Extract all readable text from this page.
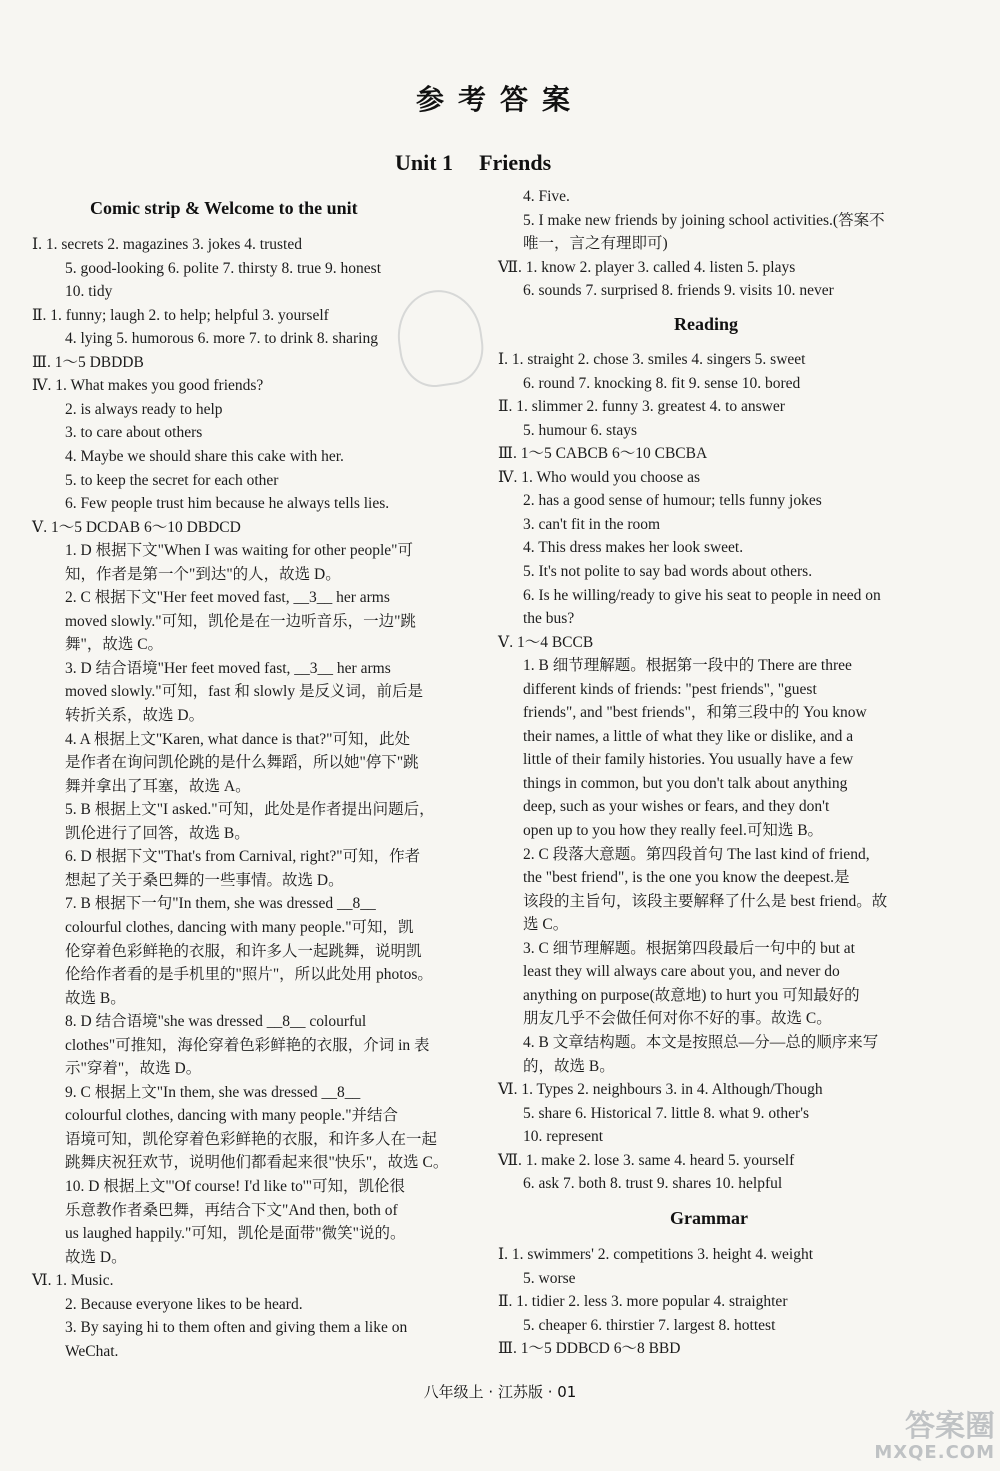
参考答案
Unit 1 Friends
Comic strip & Welcome to the unit
Ⅰ. 1. secrets 2. magazines 3. jokes 4. trusted
5. good-looking 6. polite 7. thirsty 8. true 9. honest
10. tidy
Ⅱ. 1. funny; laugh 2. to help; helpful 3. yourself
4. lying 5. humorous 6. more 7. to drink 8. sharing
Ⅲ. 1～5 DBDDB
Ⅳ. 1. What makes you good friends?
2. is always ready to help
3. to care about others
4. Maybe we should share this cake with her.
5. to keep the secret for each other
6. Few people trust him because he always tells lies.
Ⅴ. 1～5 DCDAB 6～10 DBDCD
1. D 根据下文"When I was waiting for other people"可
知，作者是第一个"到达"的人，故选 D。
2. C 根据下文"Her feet moved fast, __3__ her arms
moved slowly."可知，凯伦是在一边听音乐，一边"跳
舞"，故选 C。
3. D 结合语境"Her feet moved fast, __3__ her arms
moved slowly."可知，fast 和 slowly 是反义词，前后是
转折关系，故选 D。
4. A 根据上文"Karen, what dance is that?"可知，此处
是作者在询问凯伦跳的是什么舞蹈，所以她"停下"跳
舞并拿出了耳塞，故选 A。
5. B 根据上文"I asked."可知，此处是作者提出问题后，
凯伦进行了回答，故选 B。
6. D 根据下文"That's from Carnival, right?"可知，作者
想起了关于桑巴舞的一些事情。故选 D。
7. B 根据下一句"In them, she was dressed __8__
colourful clothes, dancing with many people."可知，凯
伦穿着色彩鲜艳的衣服，和许多人一起跳舞，说明凯
伦给作者看的是手机里的"照片"，所以此处用 photos。
故选 B。
8. D 结合语境"she was dressed __8__ colourful
clothes"可推知，海伦穿着色彩鲜艳的衣服，介词 in 表
示"穿着"，故选 D。
9. C 根据上文"In them, she was dressed __8__
colourful clothes, dancing with many people."并结合
语境可知，凯伦穿着色彩鲜艳的衣服，和许多人在一起
跳舞庆祝狂欢节，说明他们都看起来很"快乐"，故选 C。
10. D 根据上文"'Of course! I'd like to'"可知，凯伦很
乐意教作者桑巴舞，再结合下文"And then, both of
us laughed happily."可知，凯伦是面带"微笑"说的。
故选 D。
Ⅵ. 1. Music.
2. Because everyone likes to be heard.
3. By saying hi to them often and giving them a like on
WeChat.
Reading
Grammar
4. Five.
5. I make new friends by joining school activities.(答案不
唯一，言之有理即可)
Ⅶ. 1. know 2. player 3. called 4. listen 5. plays
6. sounds 7. surprised 8. friends 9. visits 10. never
Ⅰ. 1. straight 2. chose 3. smiles 4. singers 5. sweet
6. round 7. knocking 8. fit 9. sense 10. bored
Ⅱ. 1. slimmer 2. funny 3. greatest 4. to answer
5. humour 6. stays
Ⅲ. 1～5 CABCB 6～10 CBCBA
Ⅳ. 1. Who would you choose as
2. has a good sense of humour; tells funny jokes
3. can't fit in the room
4. This dress makes her look sweet.
5. It's not polite to say bad words about others.
6. Is he willing/ready to give his seat to people in need on
the bus?
Ⅴ. 1～4 BCCB
1. B 细节理解题。根据第一段中的 There are three
different kinds of friends: "pest friends", "guest
friends", and "best friends"，和第三段中的 You know
their names, a little of what they like or dislike, and a
little of their family histories. You usually have a few
things in common, but you don't talk about anything
deep, such as your wishes or fears, and they don't
open up to you how they really feel.可知选 B。
2. C 段落大意题。第四段首句 The last kind of friend,
the "best friend", is the one you know the deepest.是
该段的主旨句，该段主要解释了什么是 best friend。故
选 C。
3. C 细节理解题。根据第四段最后一句中的 but at
least they will always care about you, and never do
anything on purpose(故意地) to hurt you 可知最好的
朋友几乎不会做任何对你不好的事。故选 C。
4. B 文章结构题。本文是按照总—分—总的顺序来写
的，故选 B。
Ⅵ. 1. Types 2. neighbours 3. in 4. Although/Though
5. share 6. Historical 7. little 8. what 9. other's
10. represent
Ⅶ. 1. make 2. lose 3. same 4. heard 5. yourself
6. ask 7. both 8. trust 9. shares 10. helpful
Ⅰ. 1. swimmers' 2. competitions 3. height 4. weight
5. worse
Ⅱ. 1. tidier 2. less 3. more popular 4. straighter
5. cheaper 6. thirstier 7. largest 8. hottest
Ⅲ. 1～5 DDBCD 6～8 BBD
八年级上 · 江苏版 · 01
答案圈
MXQE.COM
